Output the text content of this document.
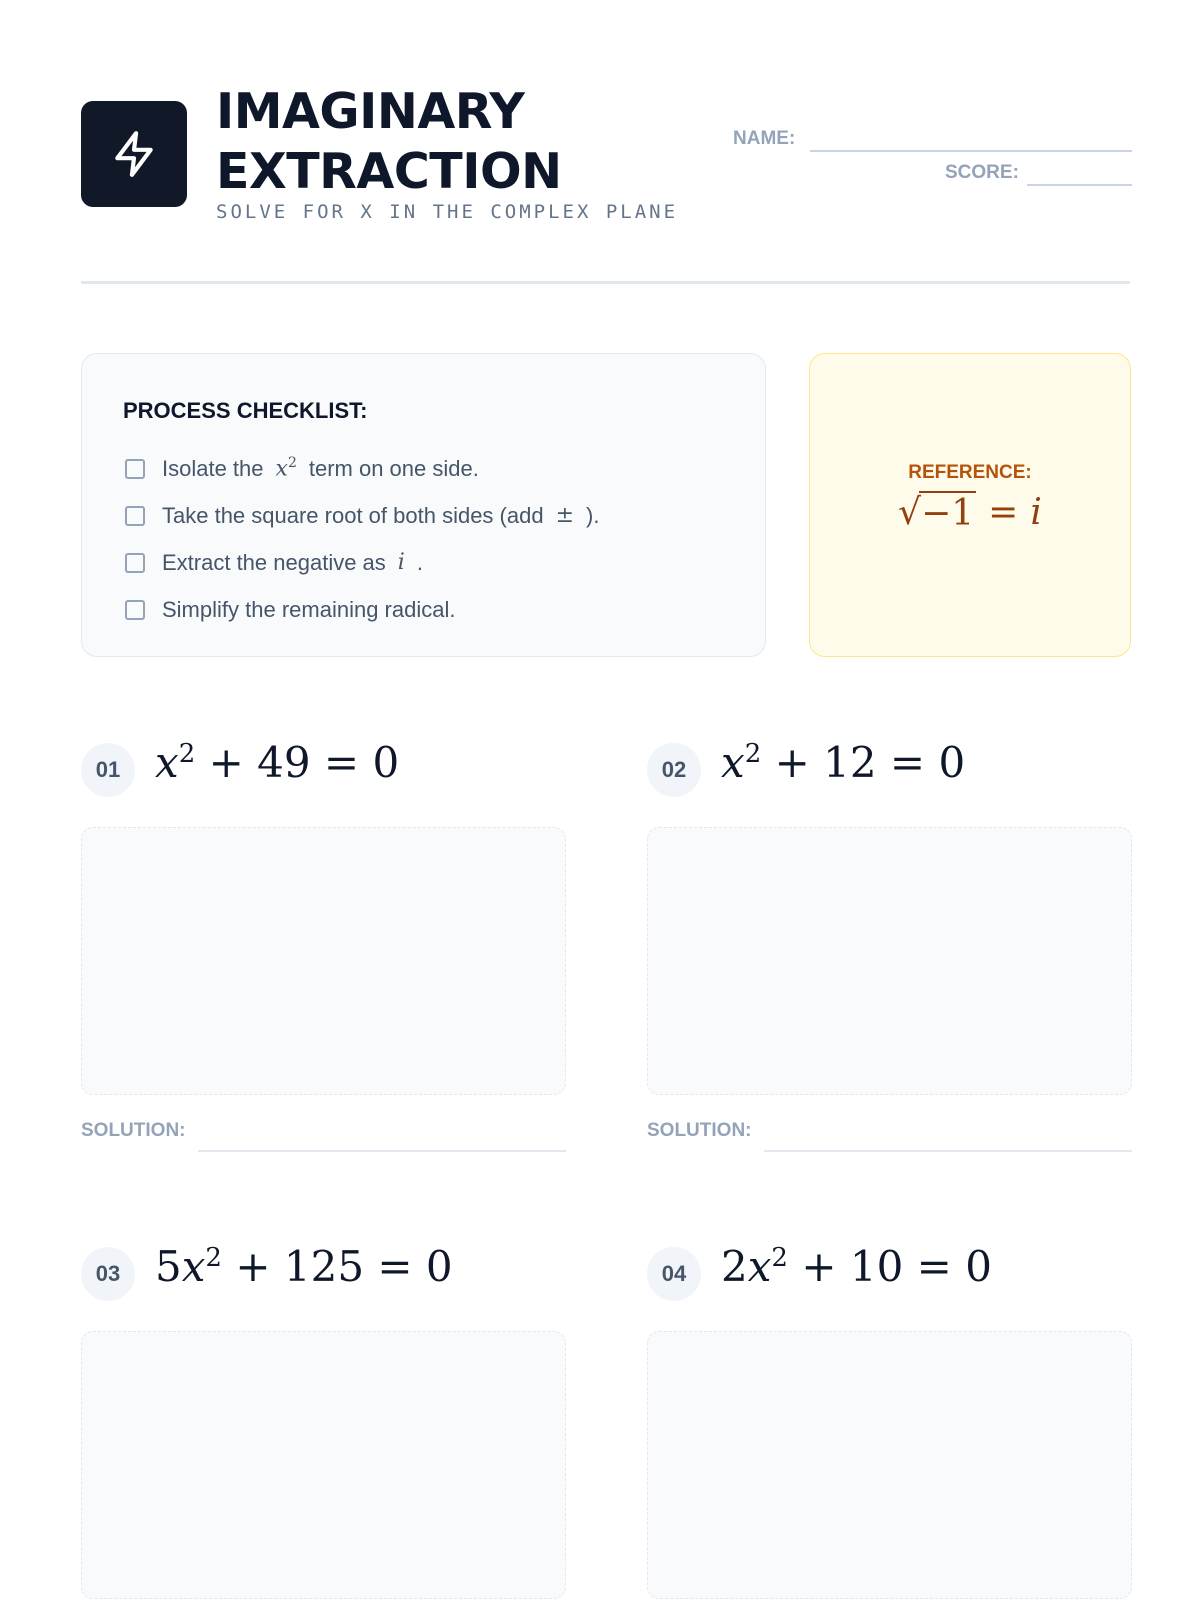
IMAGINARY
EXTRACTION
SOLVE FOR X IN THE COMPLEX PLANE
NAME:
SCORE:
PROCESS CHECKLIST:
Isolate the $x^2$ term on one side.
Take the square root of both sides (add ± ).
Extract the negative as i .
Simplify the remaining radical.
REFERENCE:
√ −1 = i
01 $x^2 + 49 = 0$
SOLUTION:
02 $x^2 + 12 = 0$
SOLUTION:
03 $5x^2 + 125 = 0$	04 $2x^2 + 10 = 0$
